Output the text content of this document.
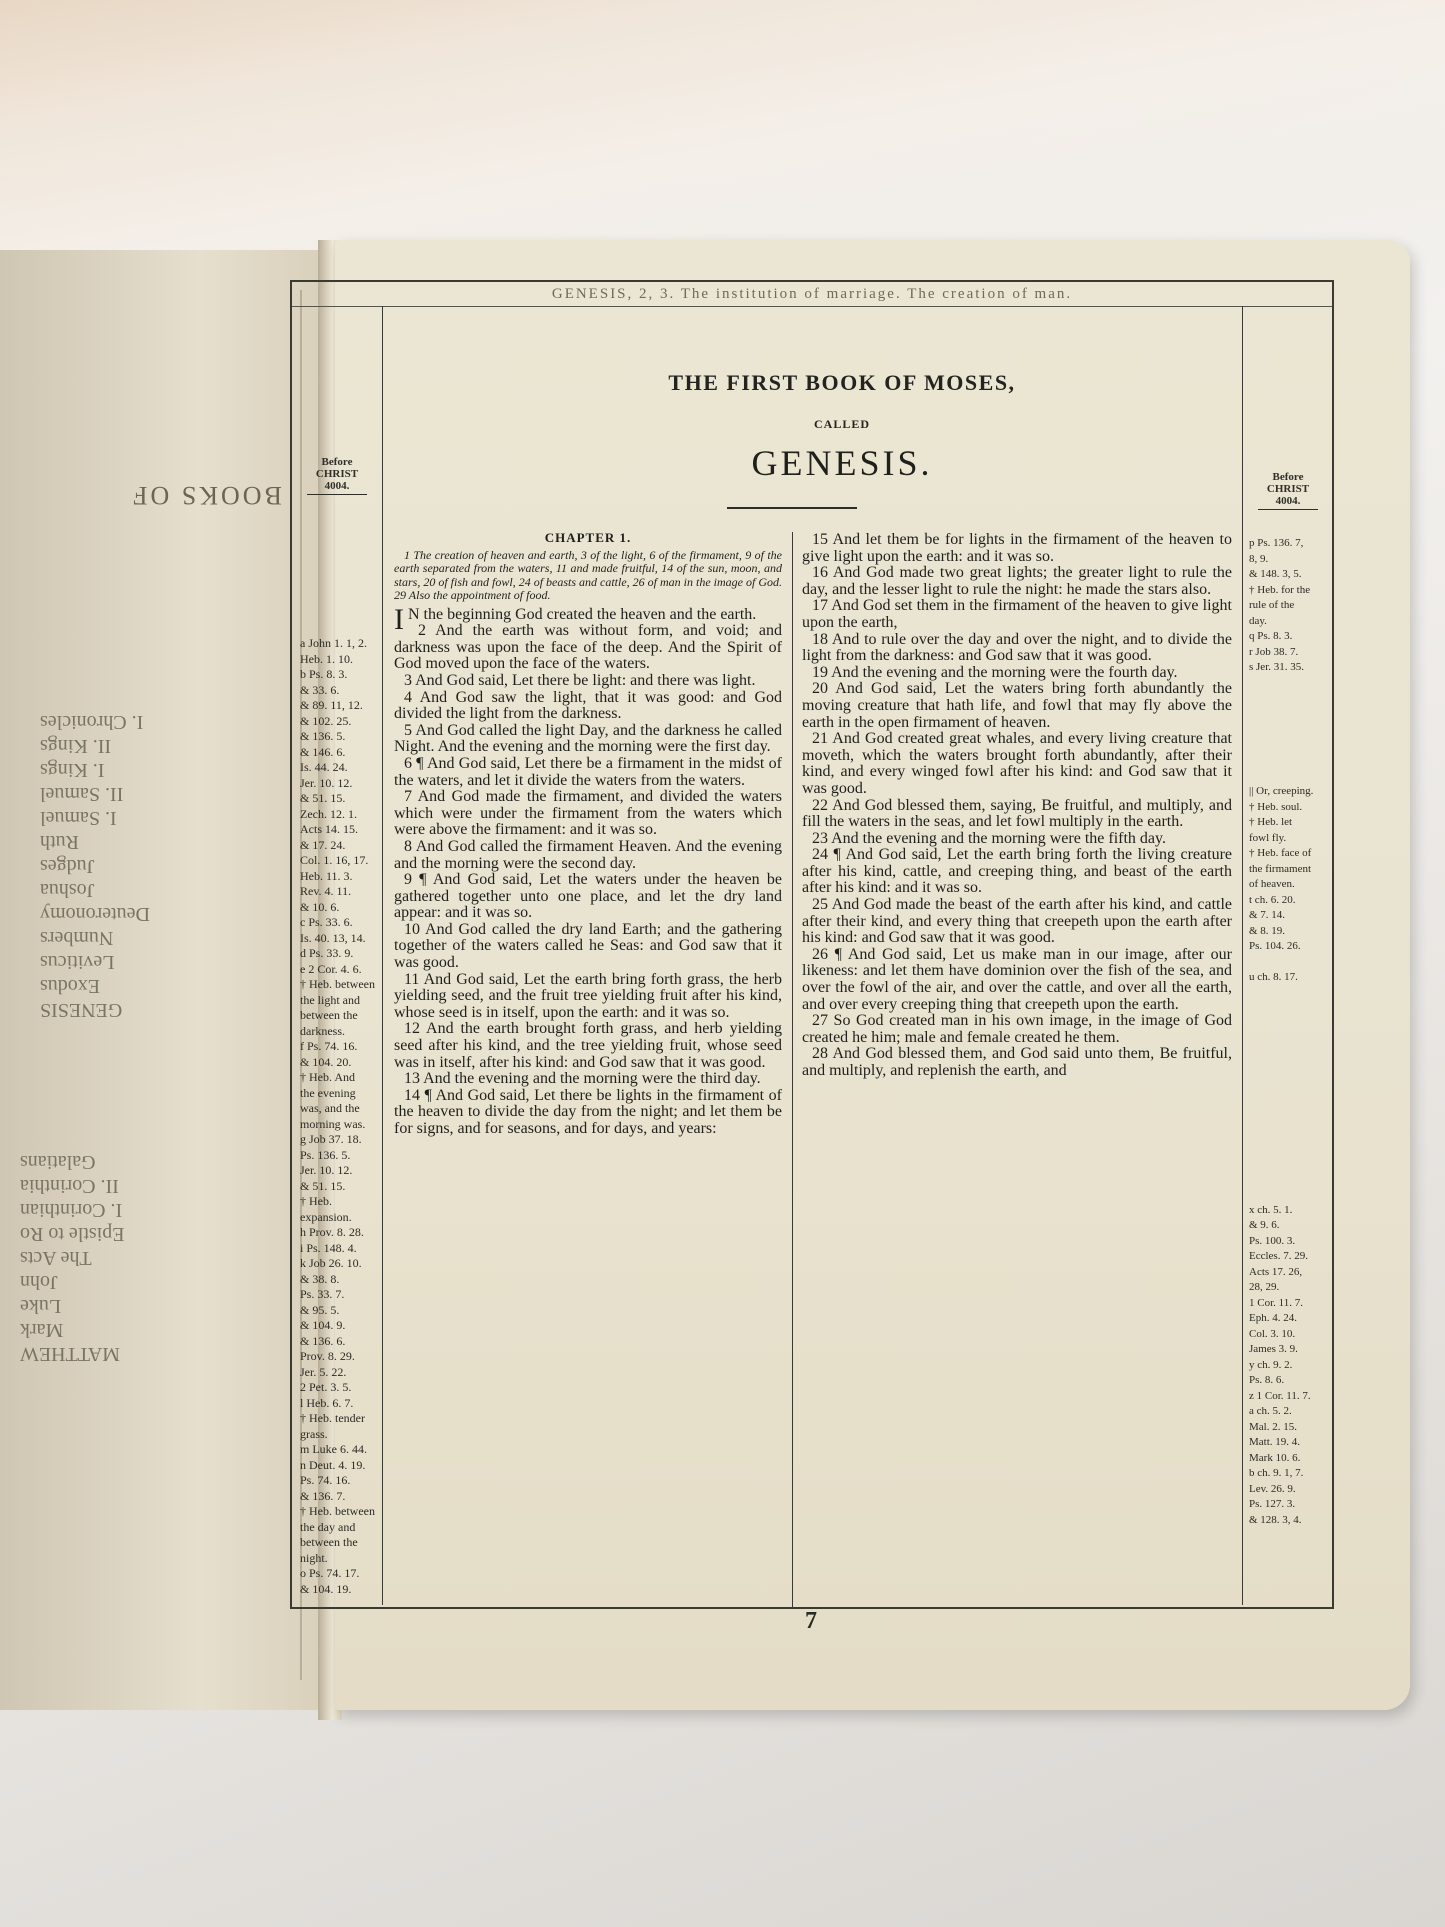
BOOKS OF
GENESIS
Exodus
Leviticus
Numbers
Deuteronomy
Joshua
Judges
Ruth
I. Samuel
II. Samuel
I. Kings
II. Kings
I. Chronicles
MATTHEW
Mark
Luke
John
The Acts
Epistle to Ro
I. Corinthian
II. Corinthia
Galatians
GENESIS, 2, 3. The institution of marriage. The creation of man.
Before
CHRIST
4004.
a John 1. 1, 2.
Heb. 1. 10.
b Ps. 8. 3.
& 33. 6.
& 89. 11, 12.
& 102. 25.
& 136. 5.
& 146. 6.
Is. 44. 24.
Jer. 10. 12.
& 51. 15.
Zech. 12. 1.
Acts 14. 15.
& 17. 24.
Col. 1. 16, 17.
Heb. 11. 3.
Rev. 4. 11.
& 10. 6.
c Ps. 33. 6.
Is. 40. 13, 14.
d Ps. 33. 9.
e 2 Cor. 4. 6.
† Heb. between
the light and
between the
darkness.
f Ps. 74. 16.
& 104. 20.
† Heb. And
the evening
was, and the
morning was.
g Job 37. 18.
Ps. 136. 5.
Jer. 10. 12.
& 51. 15.
† Heb.
expansion.
h Prov. 8. 28.
i Ps. 148. 4.
k Job 26. 10.
& 38. 8.
Ps. 33. 7.
& 95. 5.
& 104. 9.
& 136. 6.
Prov. 8. 29.
Jer. 5. 22.
2 Pet. 3. 5.
l Heb. 6. 7.
† Heb. tender
grass.
m Luke 6. 44.
n Deut. 4. 19.
Ps. 74. 16.
& 136. 7.
† Heb. between
the day and
between the
night.
o Ps. 74. 17.
& 104. 19.
Before
CHRIST
4004.
p Ps. 136. 7,
8, 9.
& 148. 3, 5.
† Heb. for the
rule of the
day.
q Ps. 8. 3.
r Job 38. 7.
s Jer. 31. 35.

|| Or, creeping.
† Heb. soul.
† Heb. let
fowl fly.
† Heb. face of
the firmament
of heaven.
t ch. 6. 20.
& 7. 14.
& 8. 19.
Ps. 104. 26.

u ch. 8. 17.

x ch. 5. 1.
& 9. 6.
Ps. 100. 3.
Eccles. 7. 29.
Acts 17. 26,
28, 29.
1 Cor. 11. 7.
Eph. 4. 24.
Col. 3. 10.
James 3. 9.
y ch. 9. 2.
Ps. 8. 6.
z 1 Cor. 11. 7.
a ch. 5. 2.
Mal. 2. 15.
Matt. 19. 4.
Mark 10. 6.
b ch. 9. 1, 7.
Lev. 26. 9.
Ps. 127. 3.
& 128. 3, 4.
THE FIRST BOOK OF MOSES,
CALLED
GENESIS.
CHAPTER 1.
1 The creation of heaven and earth, 3 of the light, 6 of the firmament, 9 of the earth separated from the waters, 11 and made fruitful, 14 of the sun, moon, and stars, 20 of fish and fowl, 24 of beasts and cattle, 26 of man in the image of God. 29 Also the appointment of food.

I N the beginning God created the heaven and the earth.

2 And the earth was without form, and void; and darkness was upon the face of the deep. And the Spirit of God moved upon the face of the waters.

3 And God said, Let there be light: and there was light.

4 And God saw the light, that it was good: and God divided the light from the darkness.

5 And God called the light Day, and the darkness he called Night. And the evening and the morning were the first day.

6 ¶ And God said, Let there be a firmament in the midst of the waters, and let it divide the waters from the waters.

7 And God made the firmament, and divided the waters which were under the firmament from the waters which were above the firmament: and it was so.

8 And God called the firmament Heaven. And the evening and the morning were the second day.

9 ¶ And God said, Let the waters under the heaven be gathered together unto one place, and let the dry land appear: and it was so.

10 And God called the dry land Earth; and the gathering together of the waters called he Seas: and God saw that it was good.

11 And God said, Let the earth bring forth grass, the herb yielding seed, and the fruit tree yielding fruit after his kind, whose seed is in itself, upon the earth: and it was so.

12 And the earth brought forth grass, and herb yielding seed after his kind, and the tree yielding fruit, whose seed was in itself, after his kind: and God saw that it was good.

13 And the evening and the morning were the third day.

14 ¶ And God said, Let there be lights in the firmament of the heaven to divide the day from the night; and let them be for signs, and for seasons, and for days, and years:

15 And let them be for lights in the firmament of the heaven to give light upon the earth: and it was so.

16 And God made two great lights; the greater light to rule the day, and the lesser light to rule the night: he made the stars also.

17 And God set them in the firmament of the heaven to give light upon the earth,

18 And to rule over the day and over the night, and to divide the light from the darkness: and God saw that it was good.

19 And the evening and the morning were the fourth day.

20 And God said, Let the waters bring forth abundantly the moving creature that hath life, and fowl that may fly above the earth in the open firmament of heaven.

21 And God created great whales, and every living creature that moveth, which the waters brought forth abundantly, after their kind, and every winged fowl after his kind: and God saw that it was good.

22 And God blessed them, saying, Be fruitful, and multiply, and fill the waters in the seas, and let fowl multiply in the earth.

23 And the evening and the morning were the fifth day.

24 ¶ And God said, Let the earth bring forth the living creature after his kind, cattle, and creeping thing, and beast of the earth after his kind: and it was so.

25 And God made the beast of the earth after his kind, and cattle after their kind, and every thing that creepeth upon the earth after his kind: and God saw that it was good.

26 ¶ And God said, Let us make man in our image, after our likeness: and let them have dominion over the fish of the sea, and over the fowl of the air, and over the cattle, and over all the earth, and over every creeping thing that creepeth upon the earth.

27 So God created man in his own image, in the image of God created he him; male and female created he them.

28 And God blessed them, and God said unto them, Be fruitful, and multiply, and replenish the earth, and

7
